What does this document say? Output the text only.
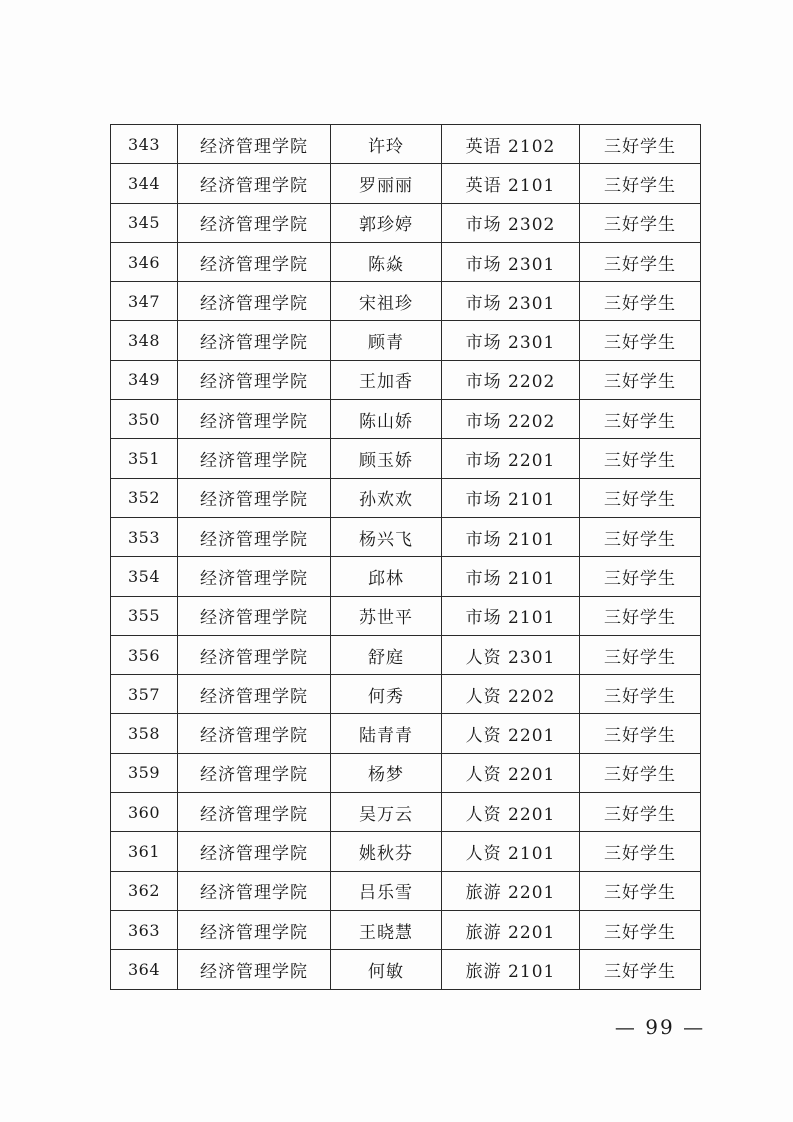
343	经济管理学院	许玲	英语 2102	三好学生
344	经济管理学院	罗丽丽	英语 2101	三好学生
345	经济管理学院	郭珍婷	市场 2302	三好学生
346	经济管理学院	陈焱	市场 2301	三好学生
347	经济管理学院	宋祖珍	市场 2301	三好学生
348	经济管理学院	顾青	市场 2301	三好学生
349	经济管理学院	王加香	市场 2202	三好学生
350	经济管理学院	陈山娇	市场 2202	三好学生
351	经济管理学院	顾玉娇	市场 2201	三好学生
352	经济管理学院	孙欢欢	市场 2101	三好学生
353	经济管理学院	杨兴飞	市场 2101	三好学生
354	经济管理学院	邱林	市场 2101	三好学生
355	经济管理学院	苏世平	市场 2101	三好学生
356	经济管理学院	舒庭	人资 2301	三好学生
357	经济管理学院	何秀	人资 2202	三好学生
358	经济管理学院	陆青青	人资 2201	三好学生
359	经济管理学院	杨梦	人资 2201	三好学生
360	经济管理学院	吴万云	人资 2201	三好学生
361	经济管理学院	姚秋芬	人资 2101	三好学生
362	经济管理学院	吕乐雪	旅游 2201	三好学生
363	经济管理学院	王晓慧	旅游 2201	三好学生
364	经济管理学院	何敏	旅游 2101	三好学生
— 99 —
